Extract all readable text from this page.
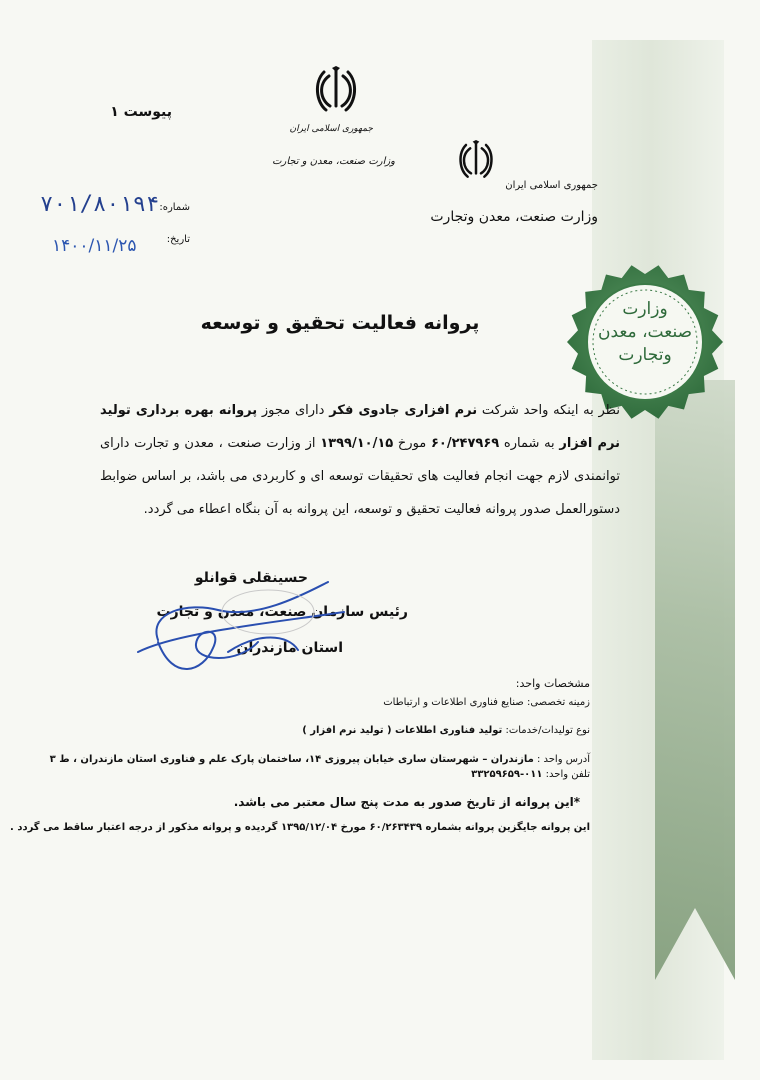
پیوست ۱
جمهوری اسلامی ایران
وزارت صنعت، معدن و تجارت
جمهوری اسلامی ایران
وزارت صنعت، معدن وتجارت
شماره:
تاریخ:
۷۰۱/۸۰۱۹۴
۱۴۰۰/۱۱/۲۵
وزارت
صنعت، معدن
وتجارت
پروانه فعالیت تحقیق و توسعه
نظر به اینکه واحد شرکت نرم افزاری جادوی فکر دارای مجوز پروانه بهره برداری تولید نرم افزار به شماره ۶۰/۲۴۷۹۶۹ مورخ ۱۳۹۹/۱۰/۱۵ از وزارت صنعت ، معدن و تجارت دارای توانمندی لازم جهت انجام فعالیت های تحقیقات توسعه ای و کاربردی می باشد، بر اساس ضوابط دستورالعمل صدور پروانه فعالیت تحقیق و توسعه، این پروانه به آن بنگاه اعطاء می گردد.
حسینقلی قوانلو
رئیس سازمان صنعت، معدن و تجارت
استان مازندران
مشخصات واحد:
زمینه تخصصی: صنایع فناوری اطلاعات و ارتباطات
نوع تولیدات/خدمات: تولید فناوری اطلاعات ( تولید نرم افزار )
آدرس واحد : مازندران – شهرستان ساری خیابان پیروزی ۱۴، ساختمان پارک علم و فناوری استان مازندران ، ط ۳
تلفن واحد: ۰۱۱-۳۳۲۵۹۶۵۹
*این پروانه از تاریخ صدور به مدت پنج سال معتبر می باشد.
این پروانه جایگزین پروانه بشماره ۶۰/۲۶۳۴۳۹ مورخ ۱۳۹۵/۱۲/۰۴ گردیده و پروانه مذکور از درجه اعتبار ساقط می گردد .
